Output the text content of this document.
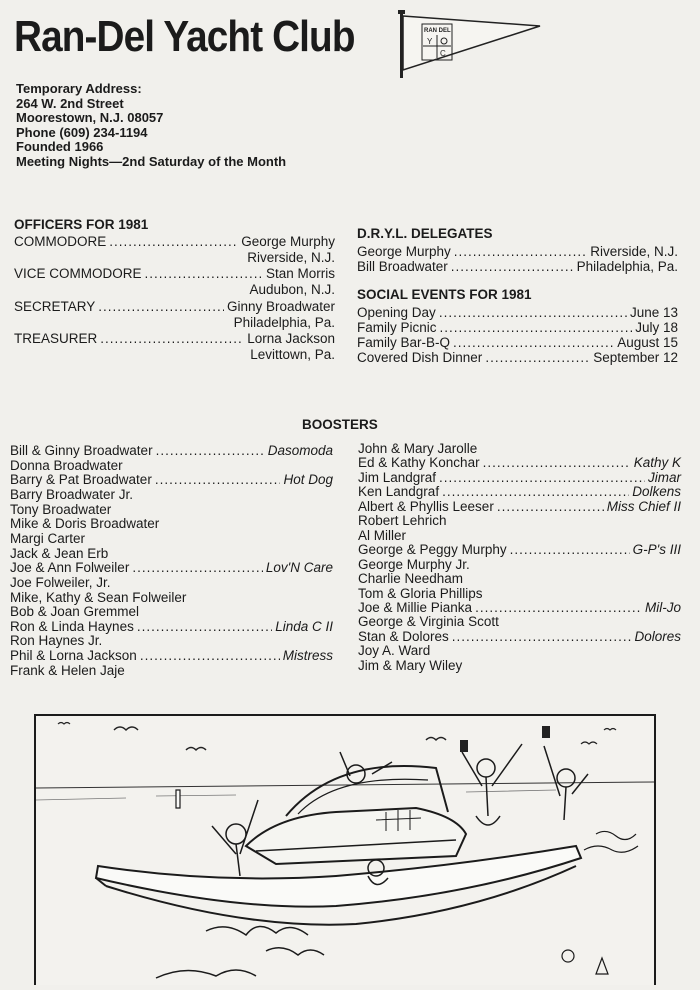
Ran-Del Yacht Club	RAN DEL
Y
C
Temporary Address:
264 W. 2nd Street
Moorestown, N.J. 08057
Phone (609) 234-1194
Founded 1966
Meeting Nights—2nd Saturday of the Month
OFFICERS FOR 1981
COMMODORE .....	George Murphy
Riverside, N.J.
VICE COMMODORE .....	Stan Morris
Audubon, N.J.
SECRETARY .....	Ginny Broadwater
Philadelphia, Pa.
TREASURER .....	Lorna Jackson
Levittown, Pa.
D.R.Y.L. DELEGATES
George Murphy .....	Riverside, N.J.
Bill Broadwater .....	Philadelphia, Pa.
SOCIAL EVENTS FOR 1981
Opening Day .....	June 13
Family Picnic .....	July 18
Family Bar-B-Q .....	August 15
Covered Dish Dinner .....	September 12
BOOSTERS
Bill & Ginny Broadwater .....	Dasomoda
Donna Broadwater
Barry & Pat Broadwater .....	Hot Dog
Barry Broadwater Jr.
Tony Broadwater
Mike & Doris Broadwater
Margi Carter
Jack & Jean Erb
Joe & Ann Folweiler .....	Lov'N Care
Joe Folweiler, Jr.
Mike, Kathy & Sean Folweiler
Bob & Joan Gremmel
Ron & Linda Haynes .....	Linda C II
Ron Haynes Jr.
Phil & Lorna Jackson .....	Mistress
Frank & Helen Jaje
John & Mary Jarolle
Ed & Kathy Konchar .....	Kathy K
Jim Landgraf .....	Jimar
Ken Landgraf .....	Dolkens
Albert & Phyllis Leeser .....	Miss Chief II
Robert Lehrich
Al Miller
George & Peggy Murphy .....	G-P's III
George Murphy Jr.
Charlie Needham
Tom & Gloria Phillips
Joe & Millie Pianka .....	Mil-Jo
George & Virginia Scott
Stan & Dolores .....	Dolores
Joy A. Ward
Jim & Mary Wiley
